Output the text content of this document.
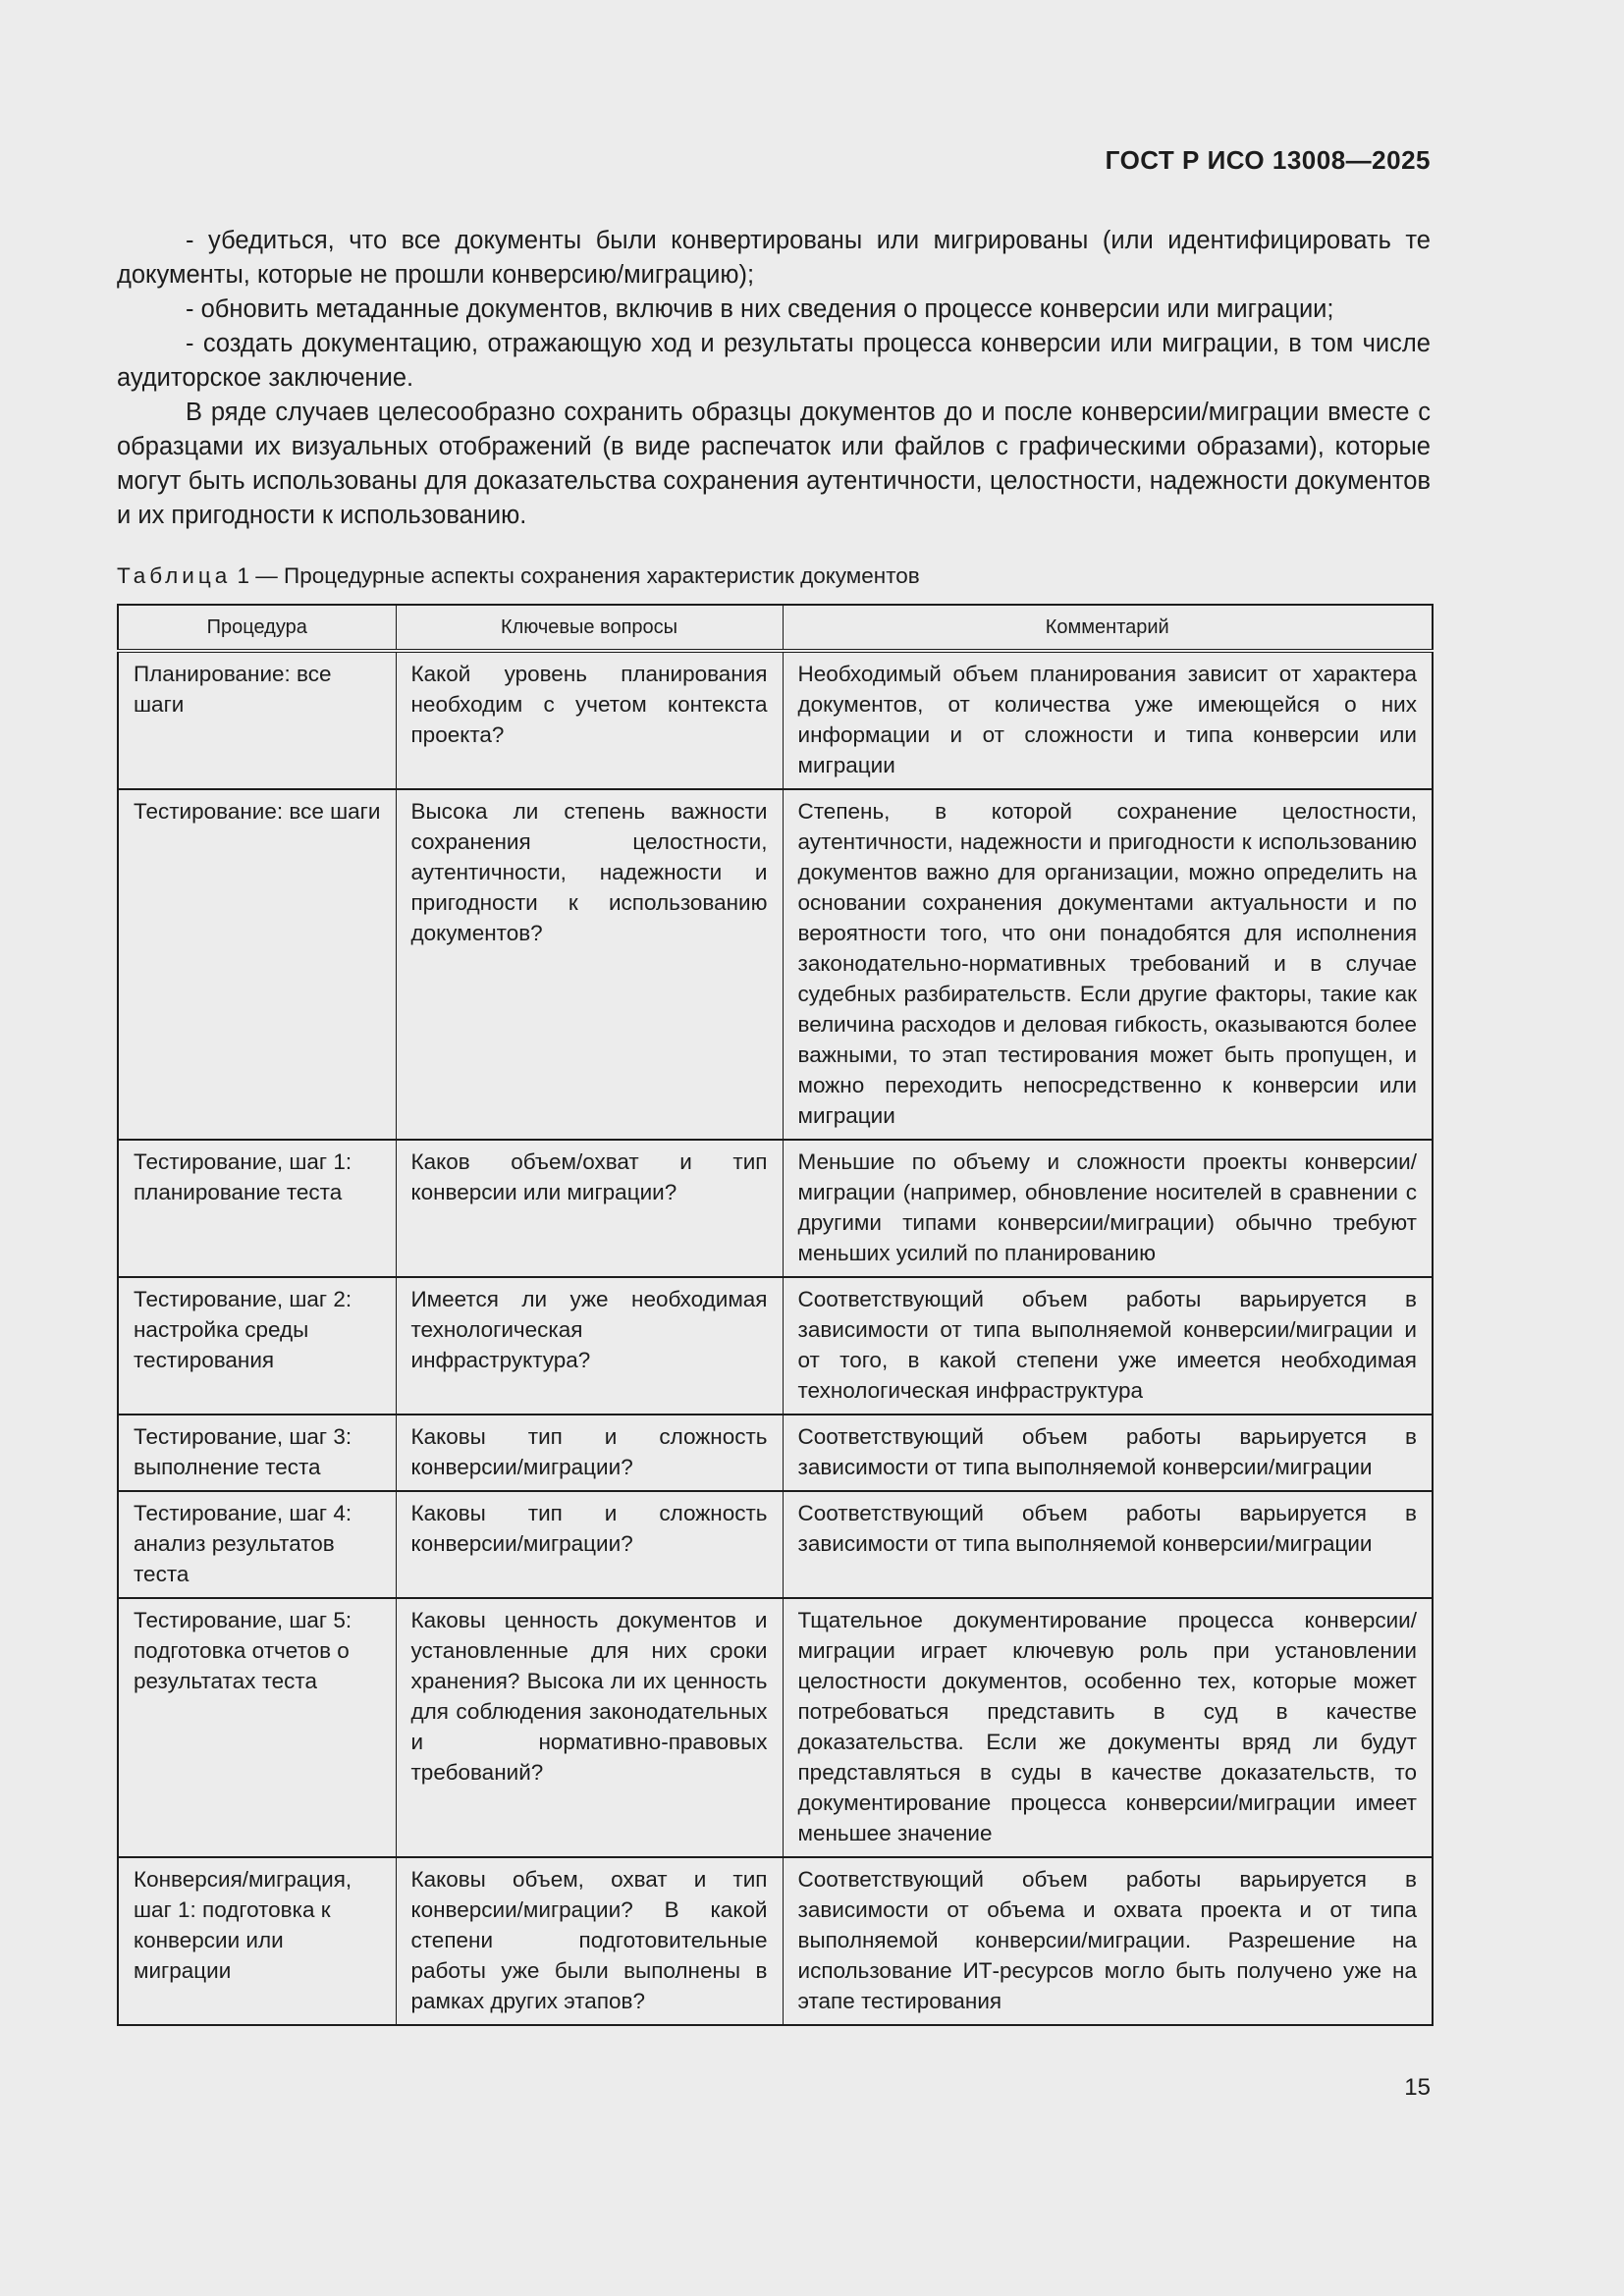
ГОСТ Р ИСО 13008—2025

- убедиться, что все документы были конвертированы или мигрированы (или идентифицировать те документы, которые не прошли конверсию/миграцию);

- обновить метаданные документов, включив в них сведения о процессе конверсии или миграции;

- создать документацию, отражающую ход и результаты процесса конверсии или миграции, в том числе аудиторское заключение.

В ряде случаев целесообразно сохранить образцы документов до и после конверсии/миграции вместе с образцами их визуальных отображений (в виде распечаток или файлов с графическими образами), которые могут быть использованы для доказательства сохранения аутентичности, целостности, надежности документов и их пригодности к использованию.

Таблица 1 — Процедурные аспекты сохранения характеристик документов
Процедура	Ключевые вопросы	Комментарий
Планирование: все шаги	Какой уровень планирования необходим с учетом контекста проекта?	Необходимый объем планирования зависит от характера документов, от количества уже имеющейся о них информации и от сложности и типа конверсии или миграции
Тестирование: все шаги	Высока ли степень важности сохранения целостности, аутентичности, надежности и пригодности к использованию документов?	Степень, в которой сохранение целостности, аутентичности, надежности и пригодности к использованию документов важно для организации, можно определить на основании сохранения документами актуальности и по вероятности того, что они понадобятся для исполнения законодательно-нормативных требований и в случае судебных разбирательств. Если другие факторы, такие как величина расходов и деловая гибкость, оказываются более важными, то этап тестирования может быть пропущен, и можно переходить непосредственно к конверсии или миграции
Тестирование, шаг 1: планирование теста	Каков объем/охват и тип конверсии или миграции?	Меньшие по объему и сложности проекты конверсии/миграции (например, обновление носителей в сравнении с другими типами конверсии/миграции) обычно требуют меньших усилий по планированию
Тестирование, шаг 2: настройка среды тестирования	Имеется ли уже необходимая технологическая инфраструктура?	Соответствующий объем работы варьируется в зависимости от типа выполняемой конверсии/миграции и от того, в какой степени уже имеется необходимая технологическая инфраструктура
Тестирование, шаг 3: выполнение теста	Каковы тип и сложность конверсии/миграции?	Соответствующий объем работы варьируется в зависимости от типа выполняемой конверсии/миграции
Тестирование, шаг 4: анализ результатов теста	Каковы тип и сложность конверсии/миграции?	Соответствующий объем работы варьируется в зависимости от типа выполняемой конверсии/миграции
Тестирование, шаг 5: подготовка отчетов о результатах теста	Каковы ценность документов и установленные для них сроки хранения? Высока ли их ценность для соблюдения законодательных и нормативно-правовых требований?	Тщательное документирование процесса конверсии/миграции играет ключевую роль при установлении целостности документов, особенно тех, которые может потребоваться представить в суд в качестве доказательства. Если же документы вряд ли будут представляться в суды в качестве доказательств, то документирование процесса конверсии/миграции имеет меньшее значение
Конверсия/миграция, шаг 1: подготовка к конверсии или миграции	Каковы объем, охват и тип конверсии/миграции? В какой степени подготовительные работы уже были выполнены в рамках других этапов?	Соответствующий объем работы варьируется в зависимости от объема и охвата проекта и от типа выполняемой конверсии/миграции. Разрешение на использование ИТ-ресурсов могло быть получено уже на этапе тестирования
15
